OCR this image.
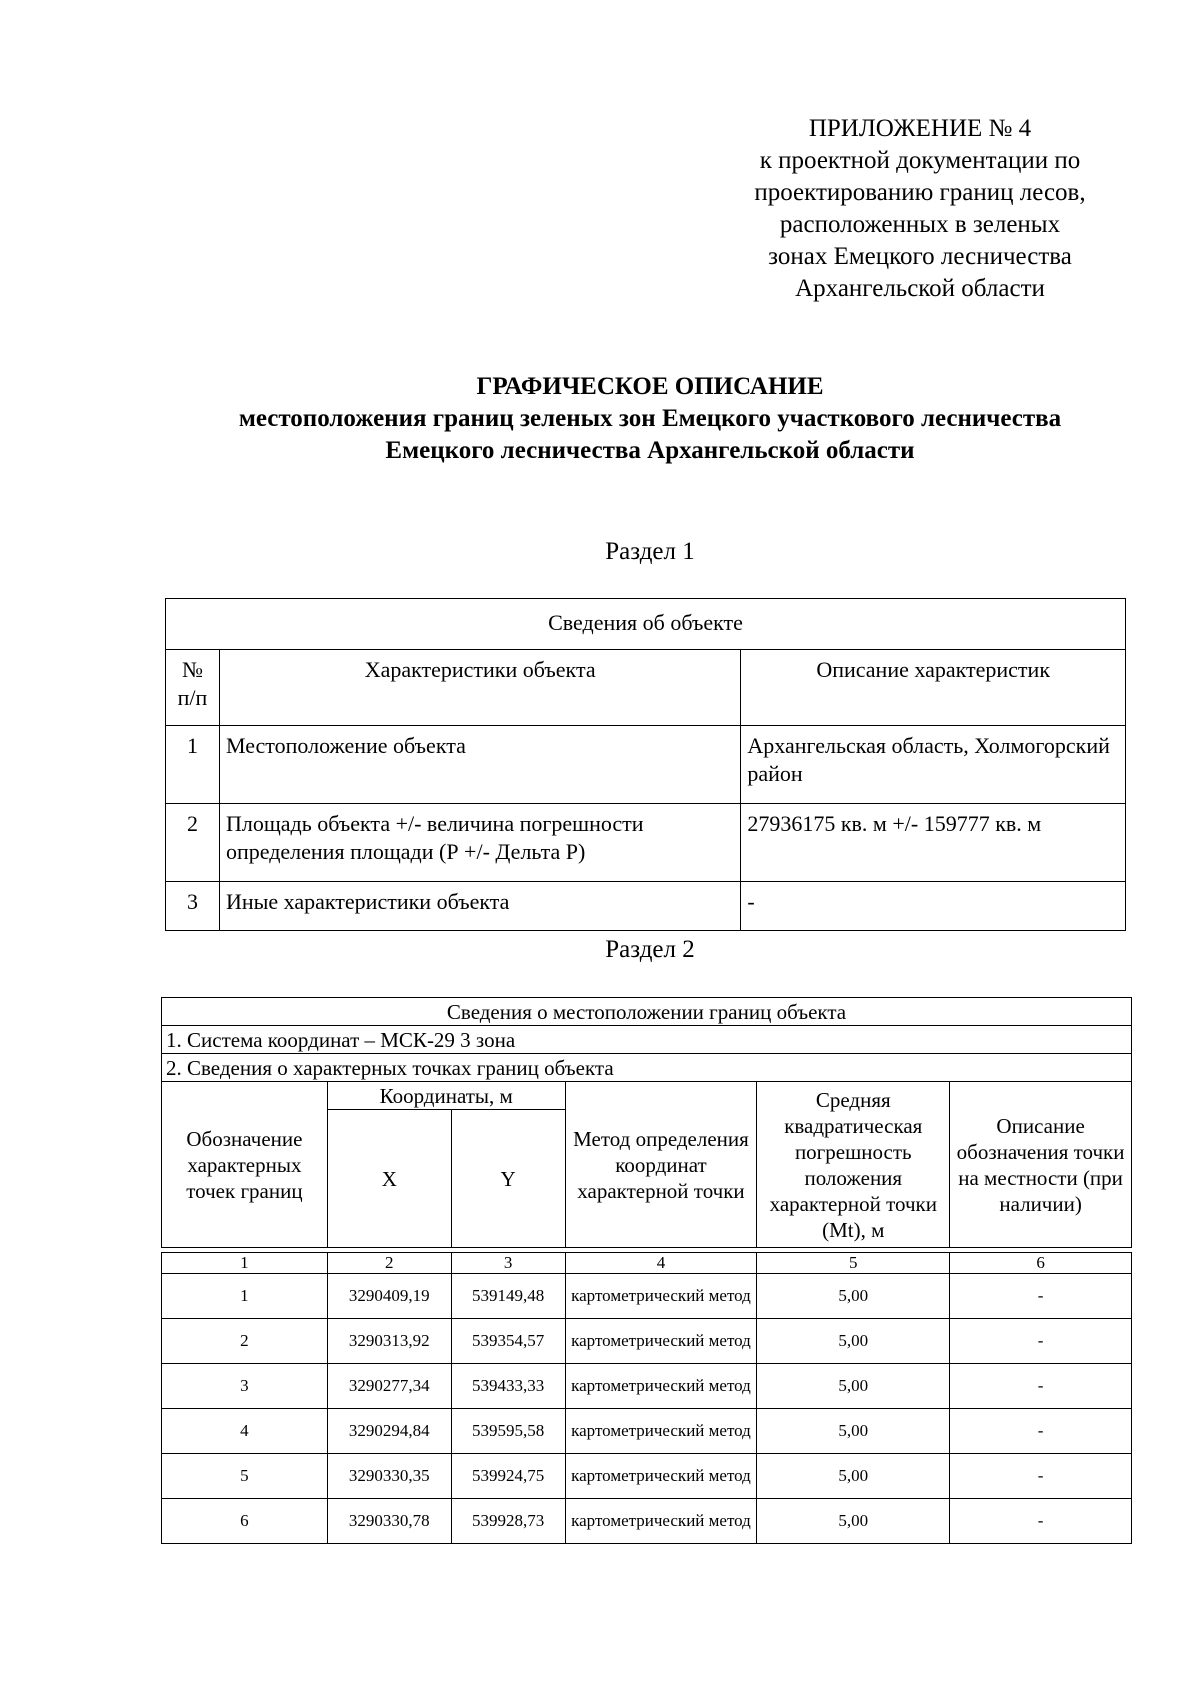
ПРИЛОЖЕНИЕ № 4
к проектной документации по
проектированию границ лесов,
расположенных в зеленых
зонах Емецкого лесничества
Архангельской области
ГРАФИЧЕСКОЕ ОПИСАНИЕ
местоположения границ зеленых зон Емецкого участкового лесничества
Емецкого лесничества Архангельской области
Раздел 1
Сведения об объекте		
№ п/п	Характеристики объекта	Описание характеристик
1	Местоположение объекта	Архангельская область, Холмогорский район
2	Площадь объекта +/- величина погрешности определения площади (Р +/- Дельта Р)	27936175 кв. м +/- 159777 кв. м
3	Иные характеристики объекта	-
Раздел 2
Сведения о местоположении границ объекта					
1. Система координат – МСК-29 3 зона					
2. Сведения о характерных точках границ объекта					
Обозначение характерных точек границ	Координаты, м		Метод определения координат характерной точки	Средняя квадратическая погрешность положения характерной точки (Mt), м	Описание обозначения точки на местности (при наличии)
	X	Y			

1	2	3	4	5	6
1	3290409,19	539149,48	картометрический метод	5,00	-
2	3290313,92	539354,57	картометрический метод	5,00	-
3	3290277,34	539433,33	картометрический метод	5,00	-
4	3290294,84	539595,58	картометрический метод	5,00	-
5	3290330,35	539924,75	картометрический метод	5,00	-
6	3290330,78	539928,73	картометрический метод	5,00	-
